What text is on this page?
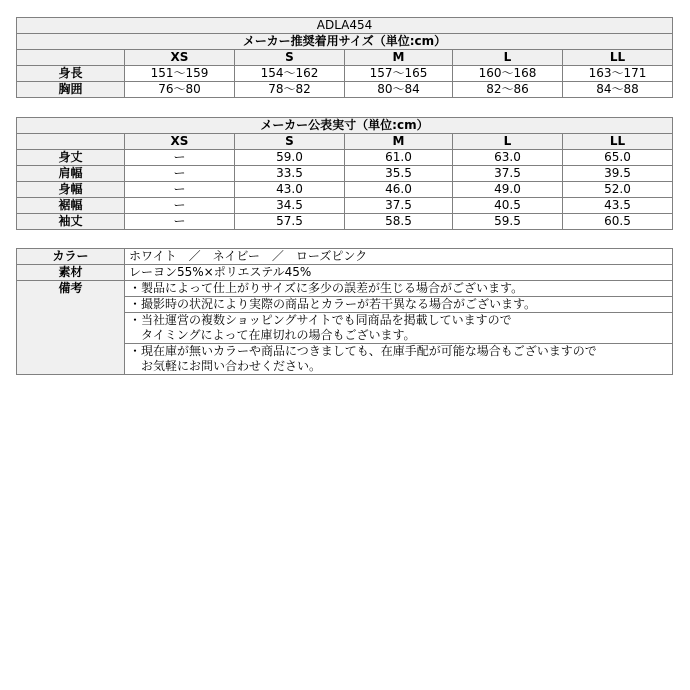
ADLA454					
メーカー推奨着用サイズ（単位:cm）					
	XS	S	M	L	LL
身長	151～159	154～162	157～165	160～168	163～171
胸囲	76～80	78～82	80～84	82～86	84～88
メーカー公表実寸（単位:cm）					
	XS	S	M	L	LL
身丈	ー	59.0	61.0	63.0	65.0
肩幅	ー	33.5	35.5	37.5	39.5
身幅	ー	43.0	46.0	49.0	52.0
裾幅	ー	34.5	37.5	40.5	43.5
袖丈	ー	57.5	58.5	59.5	60.5
カラー	ホワイト　／　ネイビー　／　ローズピンク
素材	レーヨン55%×ポリエステル45%
備考	・製品によって仕上がりサイズに多少の誤差が生じる場合がございます。
	・撮影時の状況により実際の商品とカラーが若干異なる場合がございます。
	・当社運営の複数ショッピングサイトでも同商品を掲載していますので
	　タイミングによって在庫切れの場合もございます。
	・現在庫が無いカラーや商品につきましても、在庫手配が可能な場合もございますので
	　お気軽にお問い合わせください。
